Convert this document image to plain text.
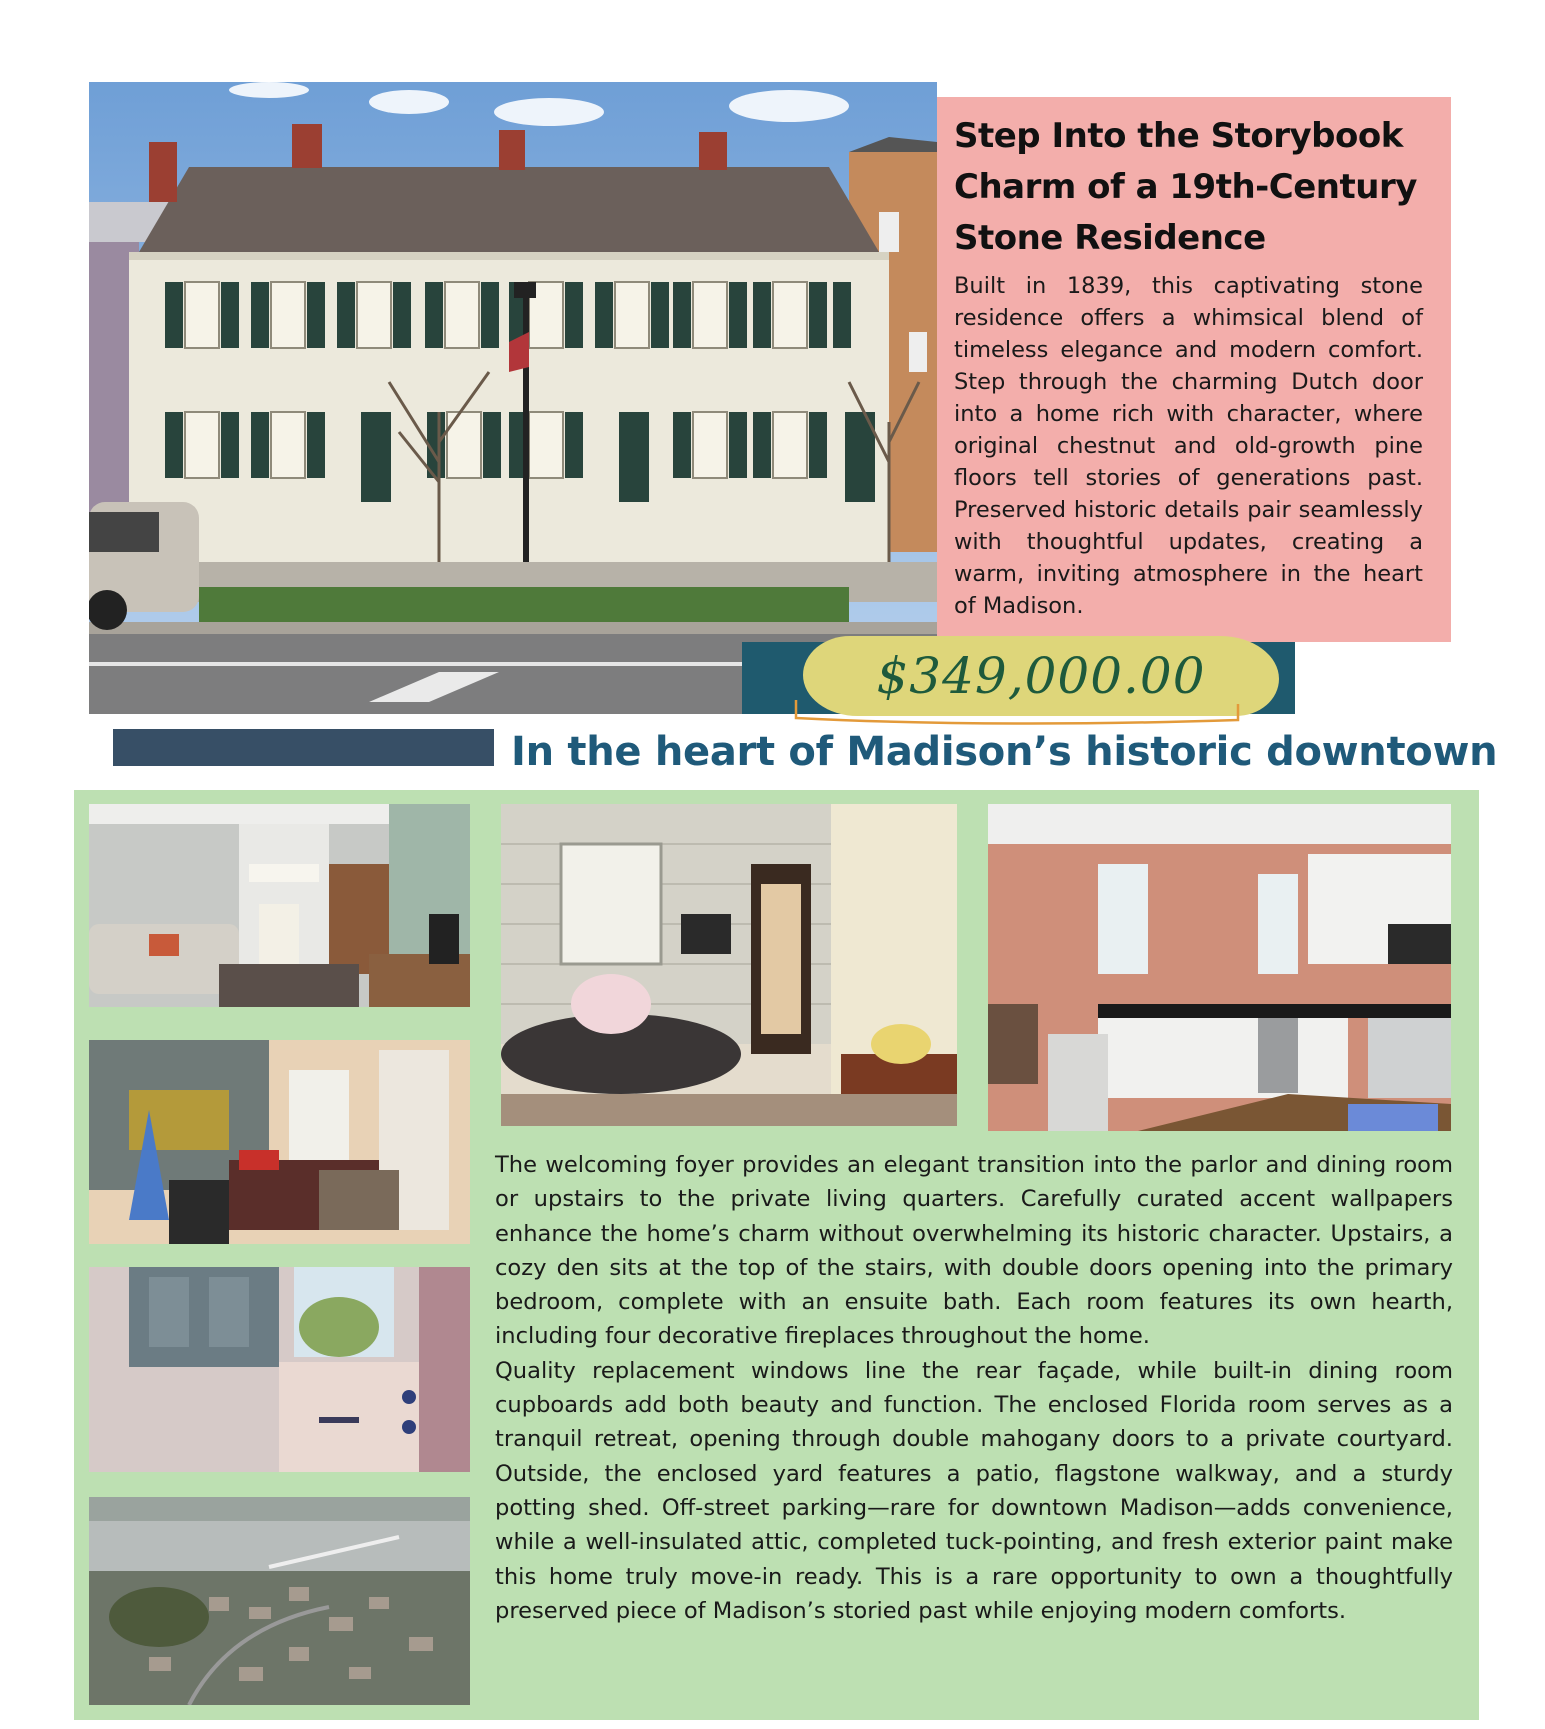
Step Into the Storybook Charm of a 19th-Century Stone Residence

Built in 1839, this captivating stone residence offers a whimsical blend of timeless elegance and modern comfort. Step through the charming Dutch door into a home rich with character, where original chestnut and old-growth pine floors tell stories of generations past. Preserved historic details pair seamlessly with thoughtful updates, creating a warm, inviting atmosphere in the heart of Madison.

$349,000.00
In the heart of Madison’s historic downtown

The welcoming foyer provides an elegant transition into the parlor and dining room or upstairs to the private living quarters. Carefully curated accent wallpapers enhance the home’s charm without overwhelming its historic character. Upstairs, a cozy den sits at the top of the stairs, with double doors opening into the primary bedroom, complete with an ensuite bath. Each room features its own hearth, including four decorative fireplaces throughout the home.

Quality replacement windows line the rear façade, while built-in dining room cupboards add both beauty and function. The enclosed Florida room serves as a tranquil retreat, opening through double mahogany doors to a private courtyard. Outside, the enclosed yard features a patio, flagstone walkway, and a sturdy potting shed. Off-street parking—rare for downtown Madison—adds convenience, while a well-insulated attic, completed tuck-pointing, and fresh exterior paint make this home truly move-in ready. This is a rare opportunity to own a thoughtfully preserved piece of Madison’s storied past while enjoying modern comforts.
